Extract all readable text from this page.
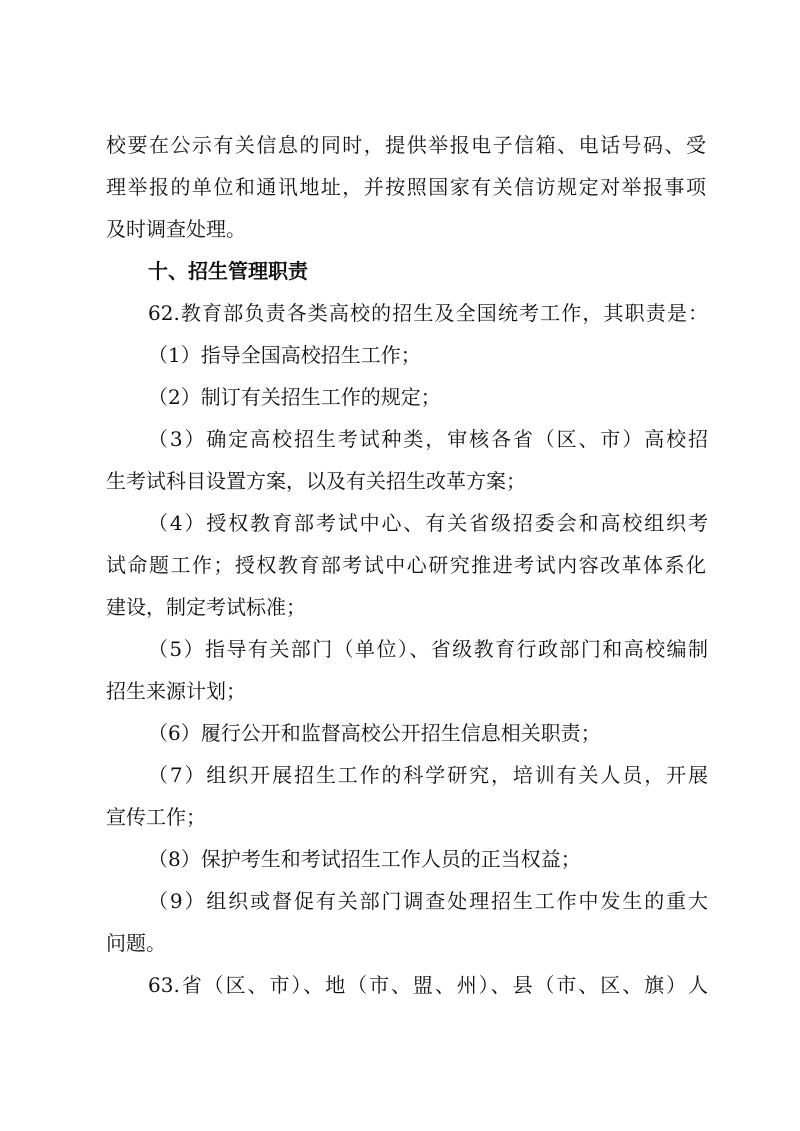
校要在公示有关信息的同时，提供举报电子信箱、电话号码、受
理举报的单位和通讯地址，并按照国家有关信访规定对举报事项
及时调查处理。
十、招生管理职责
62.教育部负责各类高校的招生及全国统考工作，其职责是：
（1）指导全国高校招生工作；
（2）制订有关招生工作的规定；
（3）确定高校招生考试种类，审核各省（区、市）高校招
生考试科目设置方案，以及有关招生改革方案；
（4）授权教育部考试中心、有关省级招委会和高校组织考
试命题工作；授权教育部考试中心研究推进考试内容改革体系化
建设，制定考试标准；
（5）指导有关部门（单位）、省级教育行政部门和高校编制
招生来源计划；
（6）履行公开和监督高校公开招生信息相关职责；
（7）组织开展招生工作的科学研究，培训有关人员，开展
宣传工作；
（8）保护考生和考试招生工作人员的正当权益；
（9）组织或督促有关部门调查处理招生工作中发生的重大
问题。
63.省（区、市）、地（市、盟、州）、县（市、区、旗）人
